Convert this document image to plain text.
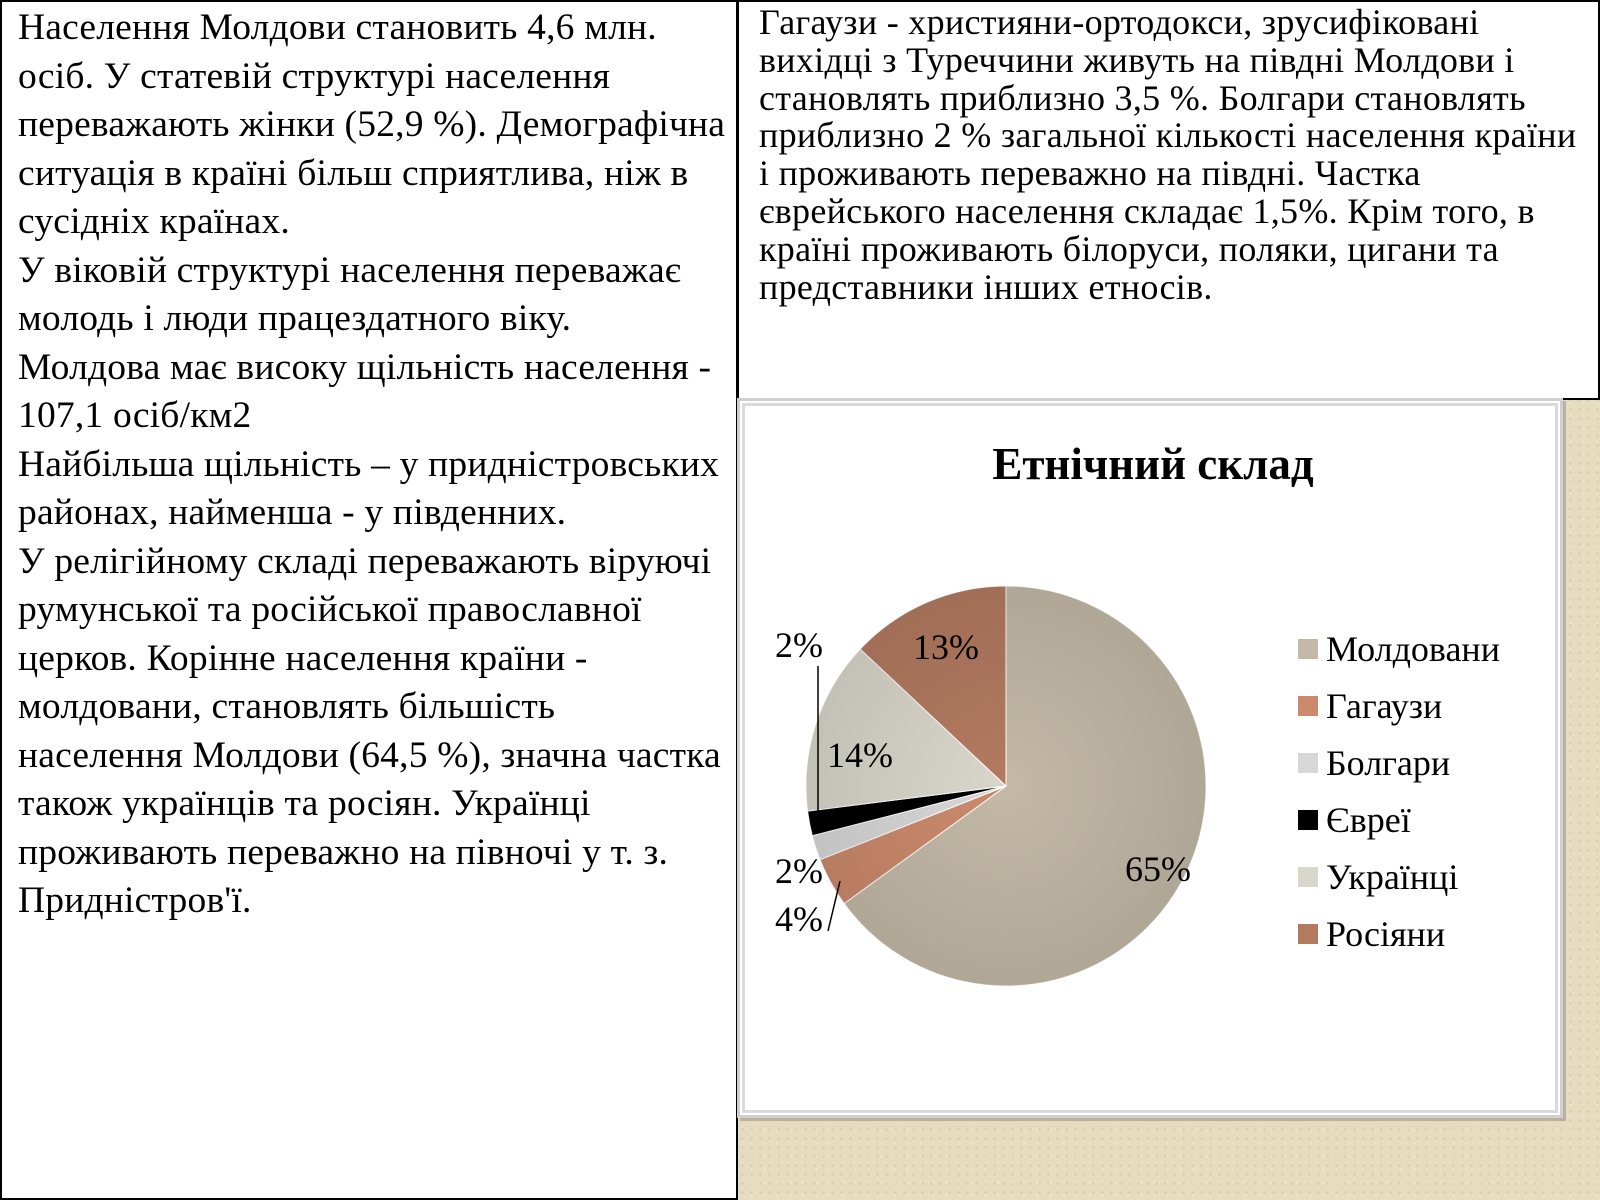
Населення Молдови становить 4,6 млн. осіб. У статевій структурі населення переважають жінки (52,9 %). Демографічна ситуація в країні більш сприятлива, ніж в сусідніх країнах.

У віковій структурі населення переважає молодь і люди працездатного віку.

Молдова має високу щільність населення - 107,1 осіб/км2

Найбільша щільність – у придністровських районах, найменша - у південних.

У релігійному складі переважають віруючі румунської та російської православної церков. Корінне населення країни - молдовани, становлять більшість населення Молдови (64,5 %), значна частка також українців та росіян. Українці проживають переважно на півночі у т. з. Придністров'ї.

Гагаузи - християни-ортодокси, зрусифіковані вихідці з Туреччини живуть на півдні Молдови і становлять приблизно 3,5 %. Болгари становлять приблизно 2 % загальної кількості населення країни і проживають переважно на півдні. Частка єврейського населення складає 1,5%. Крім того, в країні проживають білоруси, поляки, цигани та представники інших етносів.

Етнічний склад
65%
4%
2%
2%
14%
13%	Молдовани
Гагаузи
Болгари
Євреї
Українці
Росіяни
